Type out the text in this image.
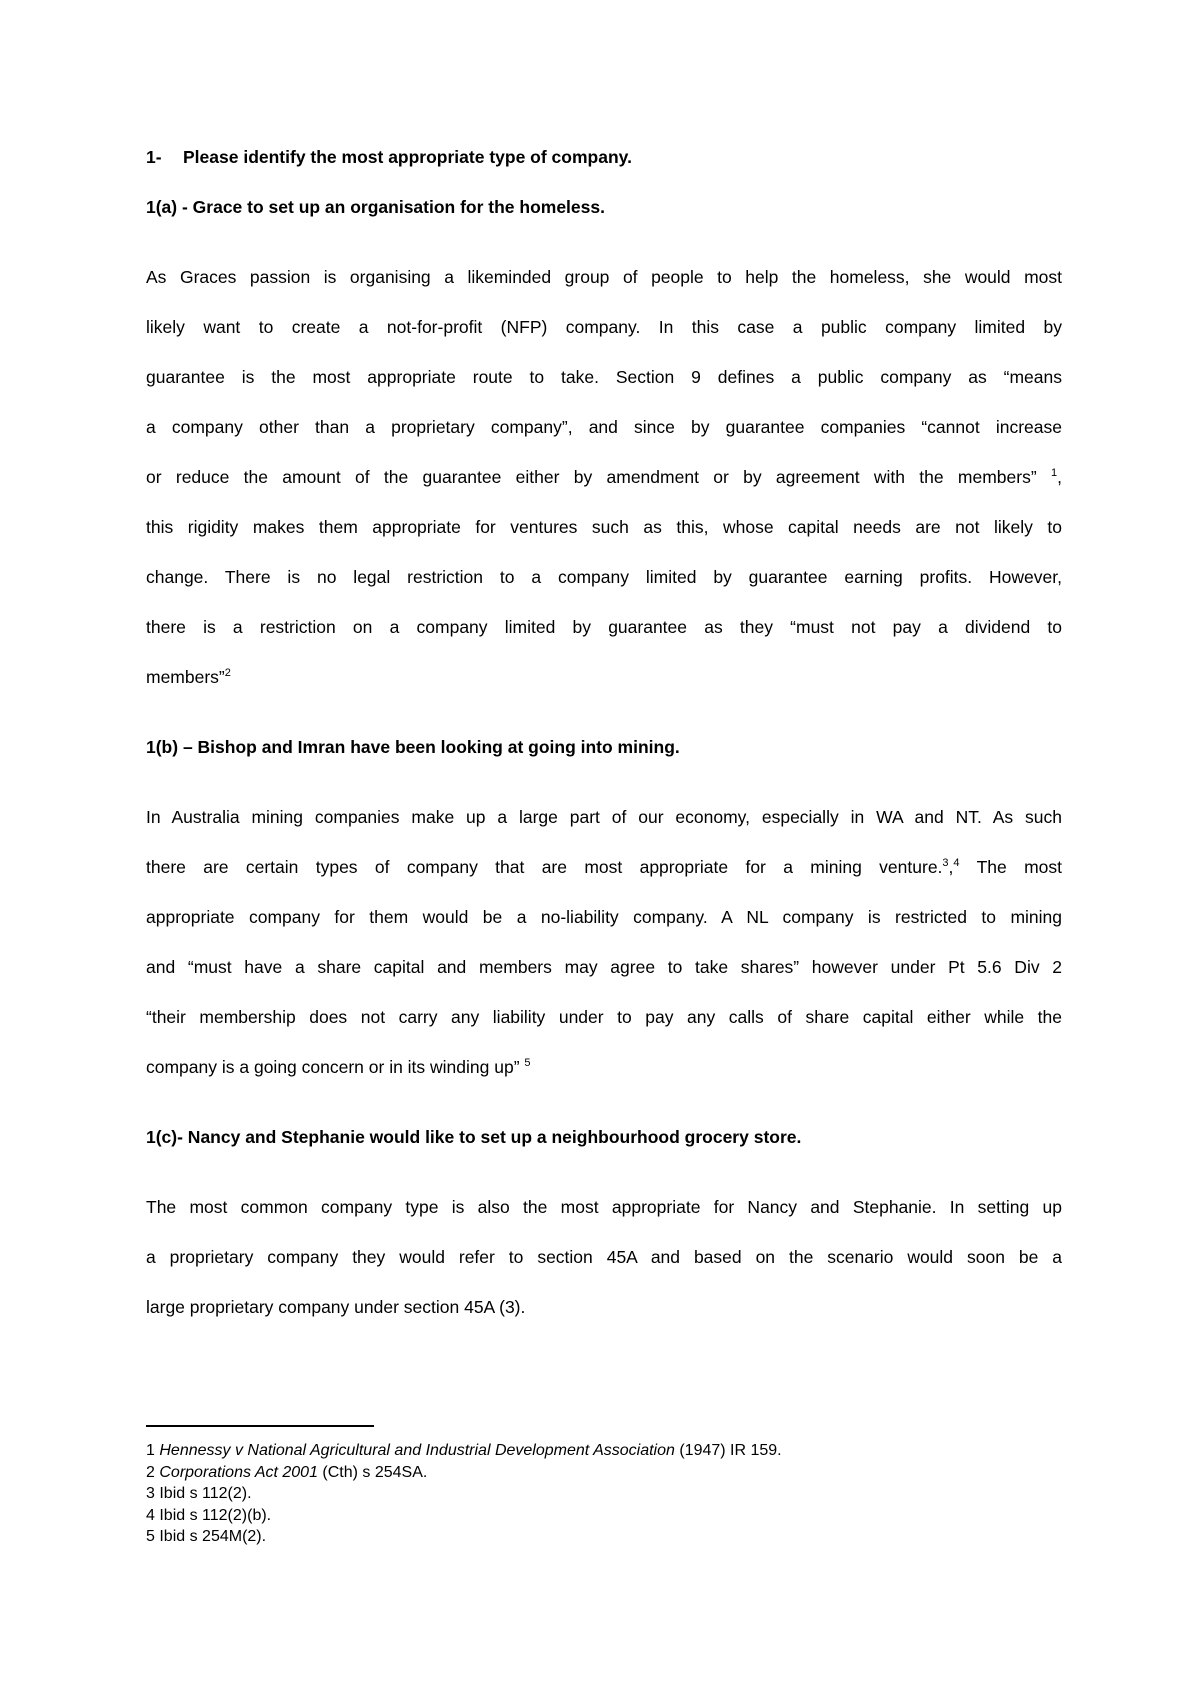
1- Please identify the most appropriate type of company.
1(a) - Grace to set up an organisation for the homeless.
As Graces passion is organising a likeminded group of people to help the homeless, she would most
likely want to create a not-for-profit (NFP) company. In this case a public company limited by
guarantee is the most appropriate route to take. Section 9 defines a public company as “means
a company other than a proprietary company”, and since by guarantee companies “cannot increase
or reduce the amount of the guarantee either by amendment or by agreement with the members” $^1$,
this rigidity makes them appropriate for ventures such as this, whose capital needs are not likely to
change. There is no legal restriction to a company limited by guarantee earning profits. However,
there is a restriction on a company limited by guarantee as they “must not pay a dividend to
members”$^2$
1(b) – Bishop and Imran have been looking at going into mining.
In Australia mining companies make up a large part of our economy, especially in WA and NT. As such
there are certain types of company that are most appropriate for a mining venture.$^3$,$^4$ The most
appropriate company for them would be a no-liability company. A NL company is restricted to mining
and “must have a share capital and members may agree to take shares” however under Pt 5.6 Div 2
“their membership does not carry any liability under to pay any calls of share capital either while the
company is a going concern or in its winding up” $^5$
1(c)- Nancy and Stephanie would like to set up a neighbourhood grocery store.
The most common company type is also the most appropriate for Nancy and Stephanie. In setting up
a proprietary company they would refer to section 45A and based on the scenario would soon be a
large proprietary company under section 45A (3).
1 Hennessy v National Agricultural and Industrial Development Association (1947) IR 159.
2 Corporations Act 2001 (Cth) s 254SA.
3 Ibid s 112(2).
4 Ibid s 112(2)(b).
5 Ibid s 254M(2).
